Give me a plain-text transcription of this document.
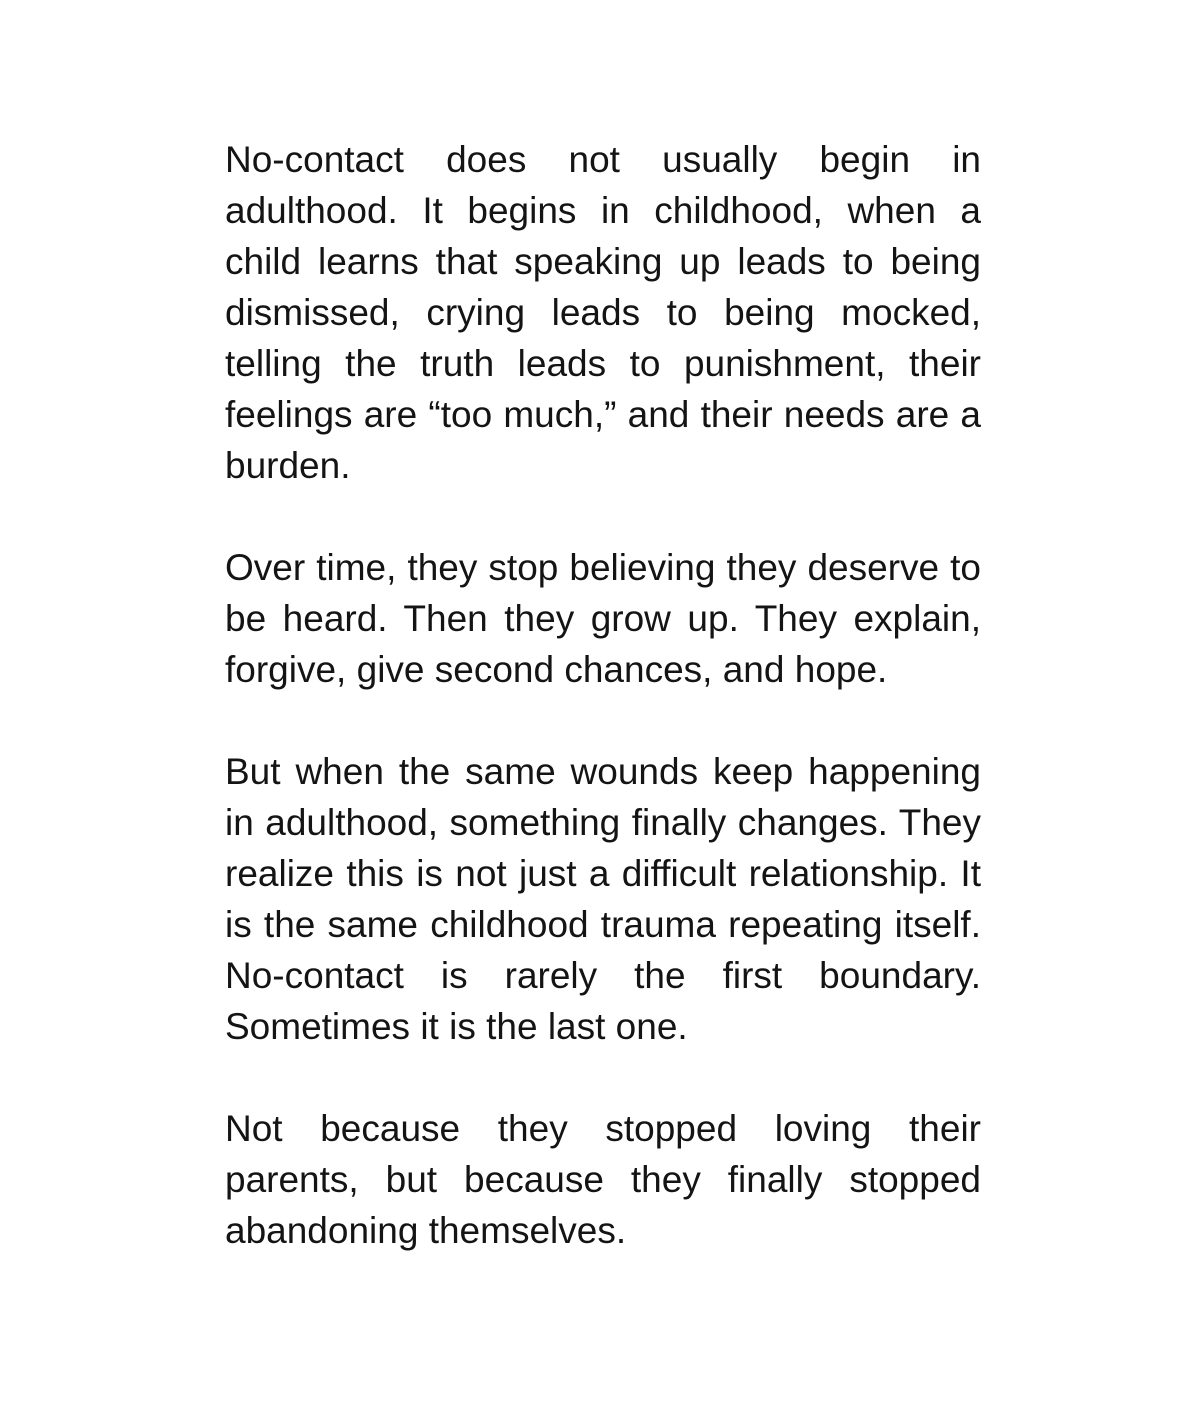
No-contact does not usually begin in adulthood. It begins in childhood, when a child learns that speaking up leads to being dismissed, crying leads to being mocked, telling the truth leads to punishment, their feelings are “too much,” and their needs are a burden.

Over time, they stop believing they deserve to be heard. Then they grow up. They explain, forgive, give second chances, and hope.

But when the same wounds keep happening in adulthood, something finally changes. They realize this is not just a difficult relationship. It is the same childhood trauma repeating itself. No-contact is rarely the first boundary. Sometimes it is the last one.

Not because they stopped loving their parents, but because they finally stopped abandoning themselves.
